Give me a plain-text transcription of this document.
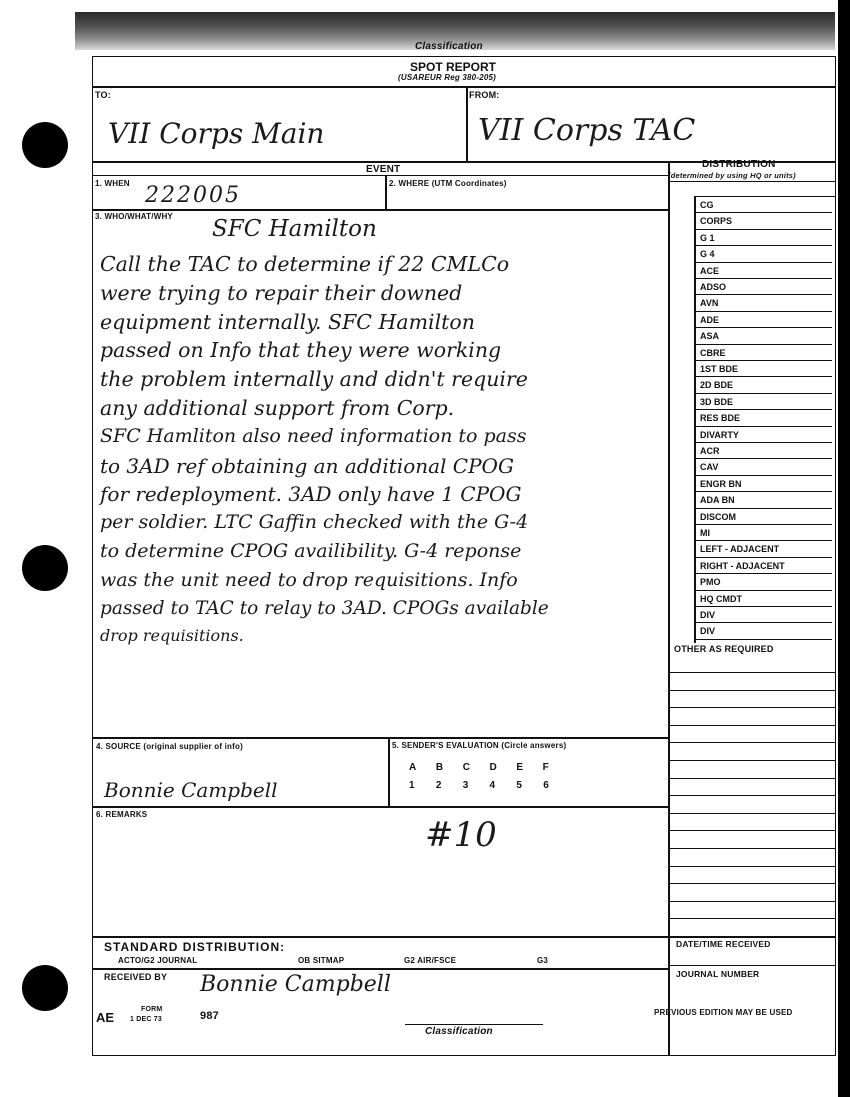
Classification
SPOT REPORT
(USAREUR Reg 380-205)
TO:
VII Corps Main
FROM:
VII Corps TAC
EVENT
1. WHEN 222005	2. WHERE (UTM Coordinates)
3. WHO/WHAT/WHY SFC Hamilton
Call the TAC to determine if 22 CMLCo
were trying to repair their downed
equipment internally. SFC Hamilton
passed on Info that they were working
the problem internally and didn't require
any additional support from Corp.
SFC Hamliton also need information to pass
to 3AD ref obtaining an additional CPOG
for redeployment. 3AD only have 1 CPOG
per soldier. LTC Gaffin checked with the G-4
to determine CPOG availibility. G-4 reponse
was the unit need to drop requisitions. Info
passed to TAC to relay to 3AD. CPOGs available
drop requisitions.
4. SOURCE (original supplier of info)
Bonnie Campbell
5. SENDER'S EVALUATION (Circle answers)
A B C D E F
1 2 3 4 5 6
6. REMARKS
#10
STANDARD DISTRIBUTION:
ACTO/G2 JOURNAL	OB SITMAP	G2 AIR/FSCE	G3
RECEIVED BY Bonnie Campbell
DISTRIBUTION
(determined by using HQ or units)
CG
CORPS
G 1
G 4
ACE
ADSO
AVN
ADE
ASA
CBRE
1ST BDE
2D BDE
3D BDE
RES BDE
DIVARTY
ACR
CAV
ENGR BN
ADA BN
DISCOM
MI
LEFT - ADJACENT
RIGHT - ADJACENT
PMO
HQ CMDT
DIV
DIV
OTHER AS REQUIRED
DATE/TIME RECEIVED
JOURNAL NUMBER
AE
FORM
1 DEC 73	987
Classification
PREVIOUS EDITION MAY BE USED
